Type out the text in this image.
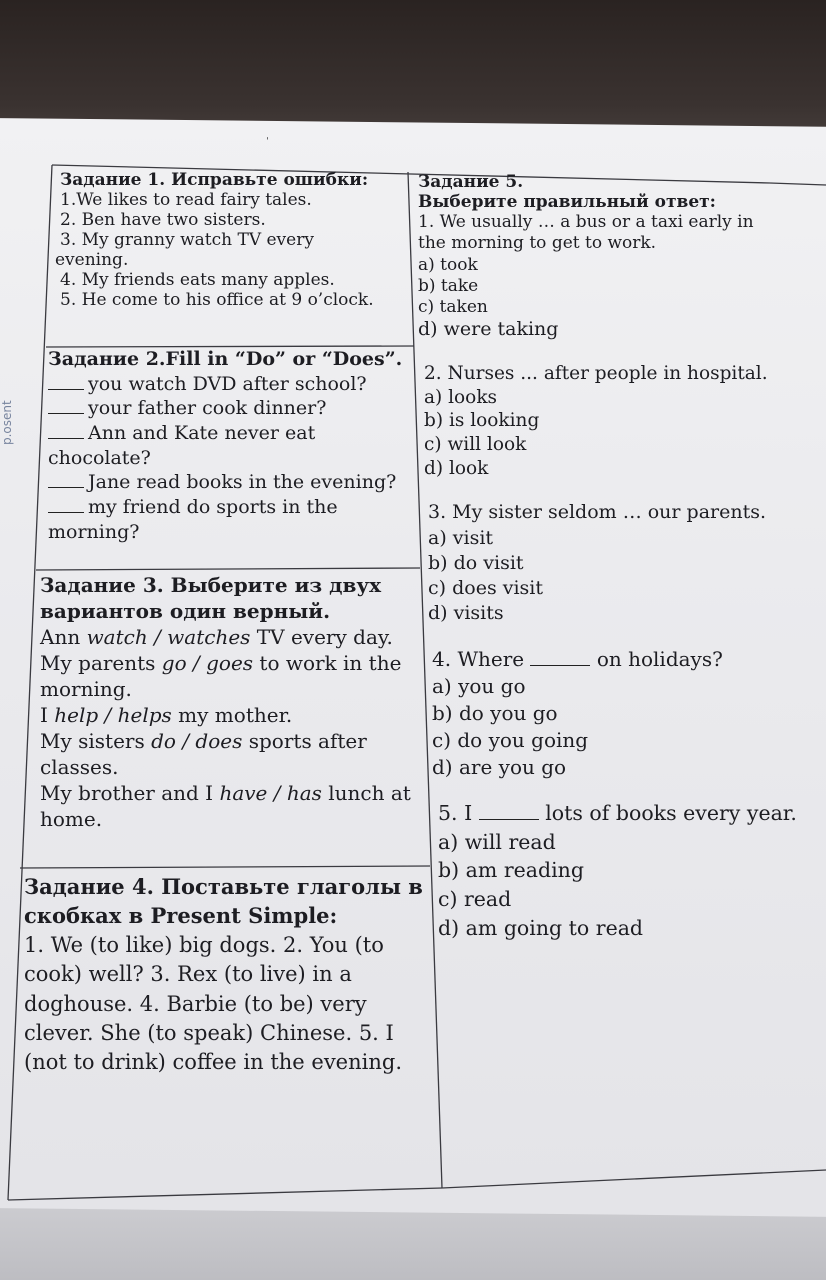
p.osent
ˈ
Задание 1. Исправьте ошибки:
1.We likes to read fairy tales.
2. Ben have two sisters.
3. My granny watch TV every
evening.
4. My friends eats many apples.
5. He come to his office at 9 o’clock.
Задание 2.Fill in “Do” or “Does”.
you watch DVD after school?
your father cook dinner?
Ann and Kate never eat
chocolate?
Jane read books in the evening?
my friend do sports in the
morning?
Задание 3. Выберите из двух
вариантов один верный.
Ann watch / watches TV every day.
My parents go / goes to work in the
morning.
I help / helps my mother.
My sisters do / does sports after
classes.
My brother and I have / has lunch at
home.
Задание 4. Поставьте глаголы в
скобках в Present Simple:
1. We (to like) big dogs. 2. You (to
cook) well? 3. Rex (to live) in a
doghouse. 4. Barbie (to be) very
clever. She (to speak) Chinese. 5. I
(not to drink) coffee in the evening.
Задание 5.
Выберите правильный ответ:
1. We usually … a bus or a taxi early in
the morning to get to work.
a) took
b) take
c) taken
d) were taking
2. Nurses ... after people in hospital.
a) looks
b) is looking
c) will look
d) look
3. My sister seldom … our parents.
a) visit
b) do visit
c) does visit
d) visits
4. Where	on holidays?
a) you go
b) do you go
c) do you going
d) are you go
5. I	lots of books every year.
a) will read
b) am reading
c) read
d) am going to read
